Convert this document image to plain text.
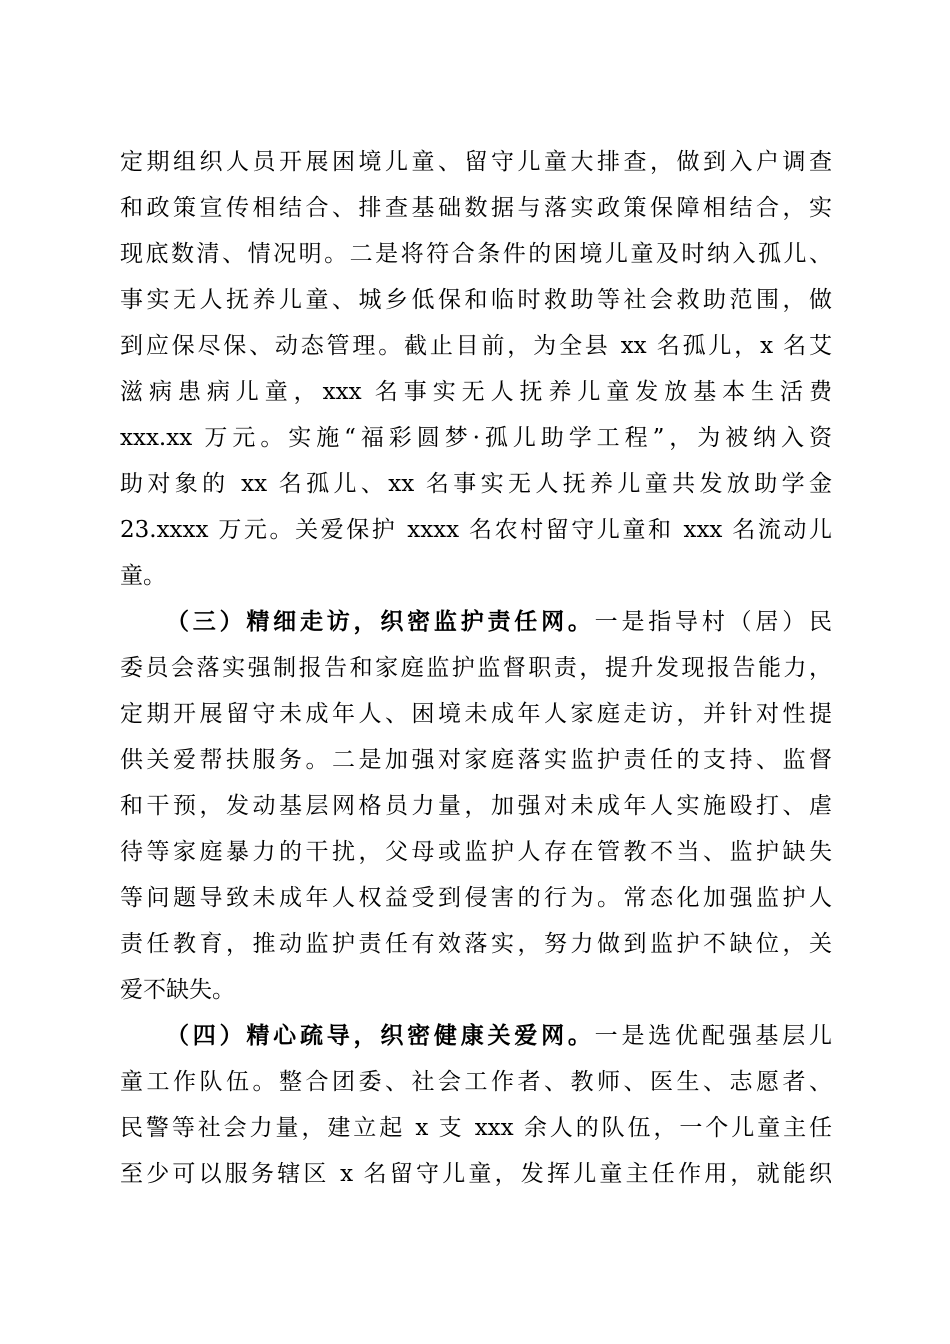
定期组织人员开展困境儿童、留守儿童大排查，做到入户调查
和政策宣传相结合、排查基础数据与落实政策保障相结合，实
现底数清、情况明。二是将符合条件的困境儿童及时纳入孤儿、
事实无人抚养儿童、城乡低保和临时救助等社会救助范围，做
到应保尽保、动态管理。截止目前，为全县 xx 名孤儿，x 名艾
滋病患病儿童，xxx 名事实无人抚养儿童发放基本生活费
xxx.xx 万元。实施“福彩圆梦·孤儿助学工程”，为被纳入资
助对象的 xx 名孤儿、xx 名事实无人抚养儿童共发放助学金
23.xxxx 万元。关爱保护 xxxx 名农村留守儿童和 xxx 名流动儿
童。
（三）精细走访，织密监护责任网。一是指导村（居）民
委员会落实强制报告和家庭监护监督职责，提升发现报告能力，
定期开展留守未成年人、困境未成年人家庭走访，并针对性提
供关爱帮扶服务。二是加强对家庭落实监护责任的支持、监督
和干预，发动基层网格员力量，加强对未成年人实施殴打、虐
待等家庭暴力的干扰，父母或监护人存在管教不当、监护缺失
等问题导致未成年人权益受到侵害的行为。常态化加强监护人
责任教育，推动监护责任有效落实，努力做到监护不缺位，关
爱不缺失。
（四）精心疏导，织密健康关爱网。一是选优配强基层儿
童工作队伍。整合团委、社会工作者、教师、医生、志愿者、
民警等社会力量，建立起 x 支 xxx 余人的队伍，一个儿童主任
至少可以服务辖区 x 名留守儿童，发挥儿童主任作用，就能织
